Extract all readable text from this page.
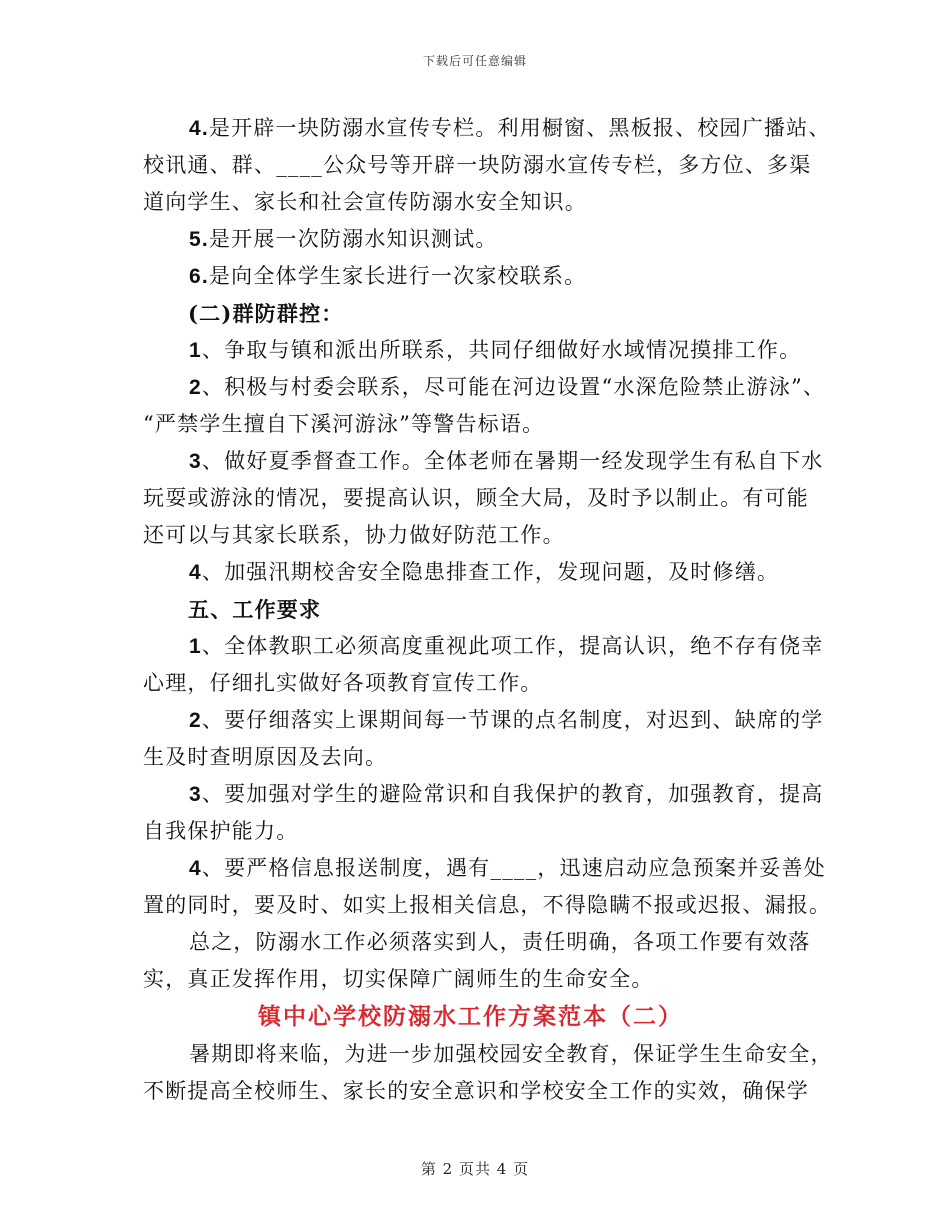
下载后可任意编辑
4.是开辟一块防溺水宣传专栏。利用橱窗、黑板报、校园广播站、
校讯通、群、____公众号等开辟一块防溺水宣传专栏，多方位、多渠
道向学生、家长和社会宣传防溺水安全知识。
5.是开展一次防溺水知识测试。
6.是向全体学生家长进行一次家校联系。
(二)群防群控：
1、争取与镇和派出所联系，共同仔细做好水域情况摸排工作。
2、积极与村委会联系，尽可能在河边设置“水深危险禁止游泳”、
“严禁学生擅自下溪河游泳”等警告标语。
3、做好夏季督查工作。全体老师在暑期一经发现学生有私自下水
玩耍或游泳的情况，要提高认识，顾全大局，及时予以制止。有可能
还可以与其家长联系，协力做好防范工作。
4、加强汛期校舍安全隐患排查工作，发现问题，及时修缮。
五、工作要求
1、全体教职工必须高度重视此项工作，提高认识，绝不存有侥幸
心理，仔细扎实做好各项教育宣传工作。
2、要仔细落实上课期间每一节课的点名制度，对迟到、缺席的学
生及时查明原因及去向。
3、要加强对学生的避险常识和自我保护的教育，加强教育，提高
自我保护能力。
4、要严格信息报送制度，遇有____，迅速启动应急预案并妥善处
置的同时，要及时、如实上报相关信息，不得隐瞒不报或迟报、漏报。
总之，防溺水工作必须落实到人，责任明确，各项工作要有效落
实，真正发挥作用，切实保障广阔师生的生命安全。
镇中心学校防溺水工作方案范本（二）
暑期即将来临，为进一步加强校园安全教育，保证学生生命安全，
不断提高全校师生、家长的安全意识和学校安全工作的实效，确保学
第 2 页共 4 页
